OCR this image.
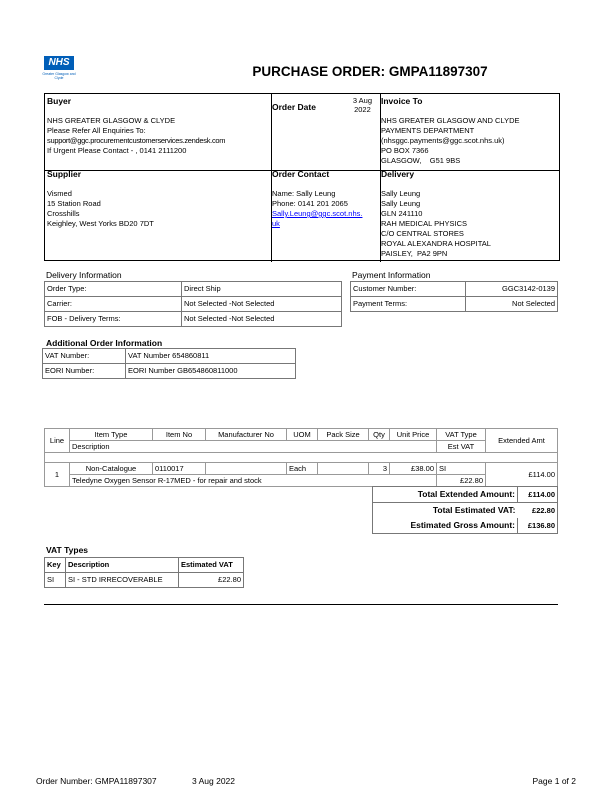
NHS
Greater Glasgow and Clyde	PURCHASE ORDER: GMPA11897307
Buyer
NHS GREATER GLASGOW & CLYDE
Please Refer All Enquiries To:
support@ggc.procurementcustomerservices.zendesk.com
If Urgent Please Contact - , 0141 2111200
Order Date
3 Aug
2022
Invoice To
NHS GREATER GLASGOW AND CLYDE
PAYMENTS DEPARTMENT
(nhsggc.payments@ggc.scot.nhs.uk)
PO BOX 7366
GLASGOW,    G51 9BS
Supplier
Vismed
15 Station Road
Crosshills
Keighley, West Yorks BD20 7DT
Order Contact
Name: Sally Leung
Phone: 0141 201 2065
Sally.Leung@ggc.scot.nhs.
uk
Delivery
Sally Leung
Sally Leung
GLN 241110
RAH MEDICAL PHYSICS
C/O CENTRAL STORES
ROYAL ALEXANDRA HOSPITAL
PAISLEY,  PA2 9PN
Delivery Information
Order Type:	Direct Ship
Carrier:	Not Selected -Not Selected
FOB - Delivery Terms:	Not Selected -Not Selected
Payment Information
Customer Number:	GGC3142-0139
Payment Terms:	Not Selected
Additional Order Information
VAT Number:	VAT Number 654860811
EORI Number:	EORI Number GB654860811000
Line	Item Type	Item No	Manufacturer No	UOM	Pack Size	Qty	Unit Price	VAT Type	Extended Amt
	Description							Est VAT	

1	Non-Catalogue	0110017		Each		3	£38.00	SI	£114.00
	Teledyne Oxygen Sensor R-17MED - for repair and stock							£22.80	
Total Extended Amount:	£114.00
Total Estimated VAT:	£22.80
Estimated Gross Amount:	£136.80
VAT Types
Key	Description	Estimated VAT
SI	SI - STD IRRECOVERABLE	£22.80
Order Number: GMPA11897307	3 Aug 2022	Page 1 of 2
